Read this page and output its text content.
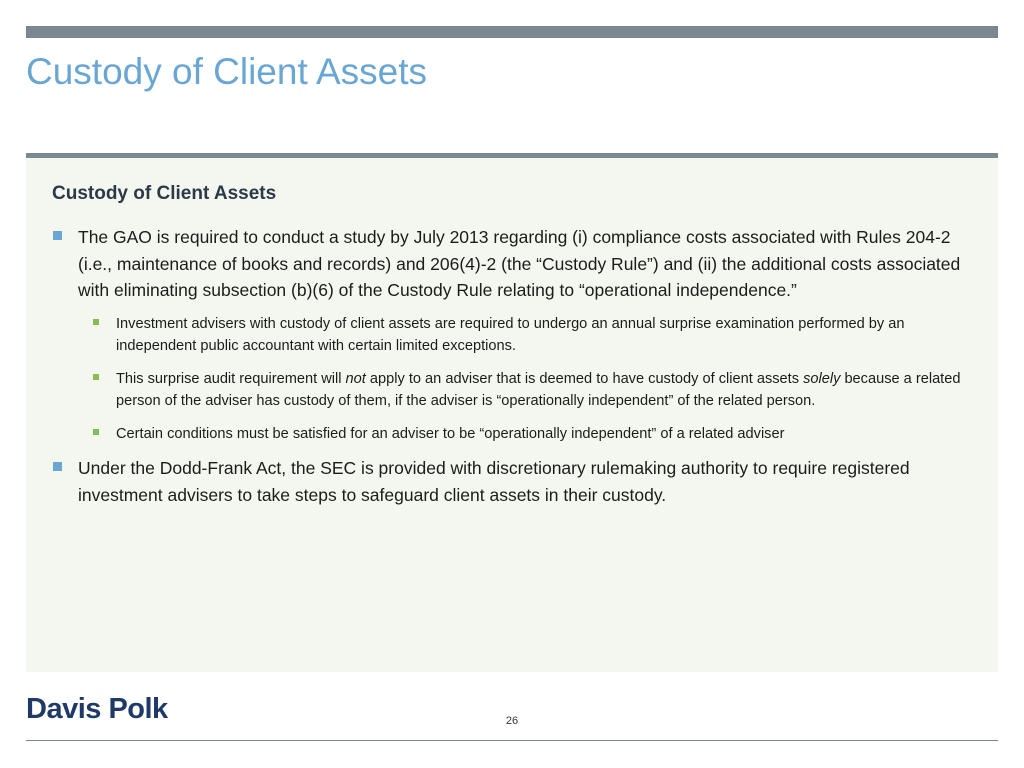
Custody of Client Assets
Custody of Client Assets
The GAO is required to conduct a study by July 2013 regarding (i) compliance costs associated with Rules 204-2 (i.e., maintenance of books and records) and 206(4)-2 (the “Custody Rule”) and (ii) the additional costs associated with eliminating subsection (b)(6) of the Custody Rule relating to “operational independence.”
Investment advisers with custody of client assets are required to undergo an annual surprise examination performed by an independent public accountant with certain limited exceptions.
This surprise audit requirement will not apply to an adviser that is deemed to have custody of client assets solely because a related person of the adviser has custody of them, if the adviser is “operationally independent” of the related person.
Certain conditions must be satisfied for an adviser to be “operationally independent” of a related adviser
Under the Dodd-Frank Act, the SEC is provided with discretionary rulemaking authority to require registered investment advisers to take steps to safeguard client assets in their custody.
Davis Polk	26
